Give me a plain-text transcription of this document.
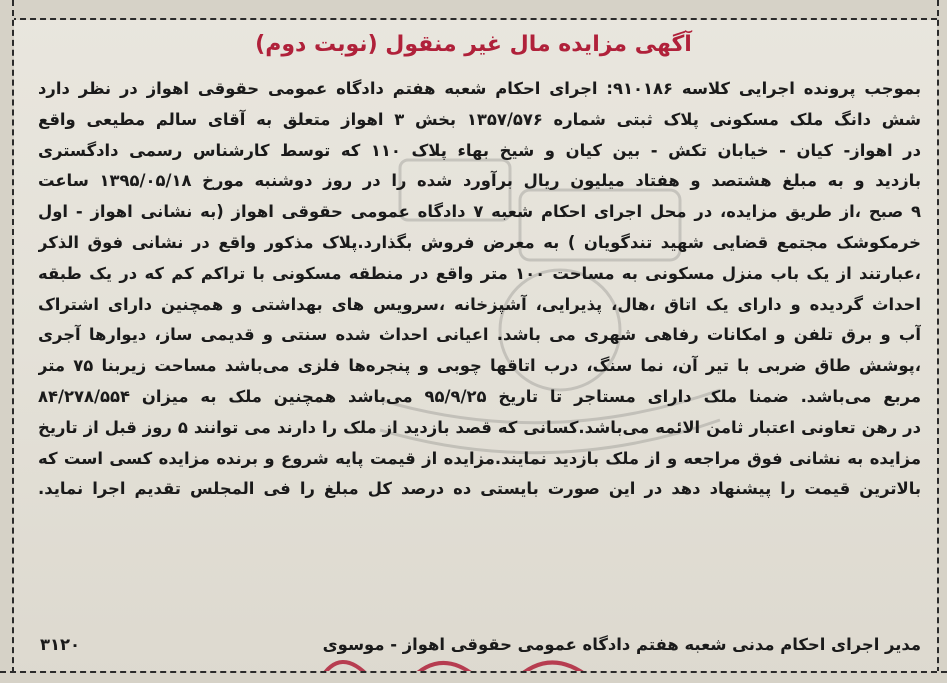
آگهی مزایده مال غیر منقول (نوبت دوم)
بموجب پرونده اجرایی کلاسه ۹۱۰۱۸۶: اجرای احکام شعبه هفتم دادگاه عمومی حقوقی اهواز در نظر دارد
شش دانگ ملک مسکونی پلاک ثبتی شماره ۱۳۵۷/۵۷۶ بخش ۳ اهواز متعلق به آقای سالم مطیعی واقع
در اهواز- کیان - خیابان تکش - بین کیان و شیخ بهاء پلاک ۱۱۰ که توسط کارشناس رسمی دادگستری
بازدید و به مبلغ هشتصد و هفتاد میلیون ریال برآورد شده را در روز دوشنبه مورخ ۱۳۹۵/۰۵/۱۸ ساعت
۹ صبح ،از طریق مزایده، در محل اجرای احکام شعبه ۷ دادگاه عمومی حقوقی اهواز (به نشانی اهواز - اول
خرمکوشک مجتمع قضایی شهید تندگویان ) به معرض فروش بگذارد.پلاک مذکور واقع در نشانی فوق الذکر
،عبارتند از یک باب منزل مسکونی به مساحت ۱۰۰ متر واقع در منطقه مسکونی با تراکم کم که در یک طبقه
احداث گردیده و دارای یک اتاق ،هال، پذیرایی، آشپزخانه ،سرویس های بهداشتی و همچنین دارای اشتراک
آب و برق تلفن و امکانات رفاهی شهری می باشد. اعیانی احداث شده سنتی و قدیمی ساز، دیوارها آجری
،پوشش طاق ضربی با تیر آن، نما سنگ، درب اتاقها چوبی و پنجره‌ها فلزی می‌باشد مساحت زیربنا ۷۵ متر
مربع می‌باشد. ضمنا ملک دارای مستاجر تا تاریخ ۹۵/۹/۲۵ می‌باشد همچنین ملک به میزان ۸۴/۲۷۸/۵۵۴
در رهن تعاونی اعتبار ثامن الائمه می‌باشد.کسانی که قصد بازدید از ملک را دارند می توانند ۵ روز قبل از تاریخ
مزایده به نشانی فوق مراجعه و از ملک بازدید نمایند.مزایده از قیمت پایه شروع و برنده مزایده کسی است که
بالاترین قیمت را پیشنهاد دهد در این صورت بایستی ده درصد کل مبلغ را فی المجلس تقدیم اجرا نماید.
مدیر اجرای احکام مدنی شعبه هفتم دادگاه عمومی حقوقی اهواز - موسوی
۳۱۲۰
